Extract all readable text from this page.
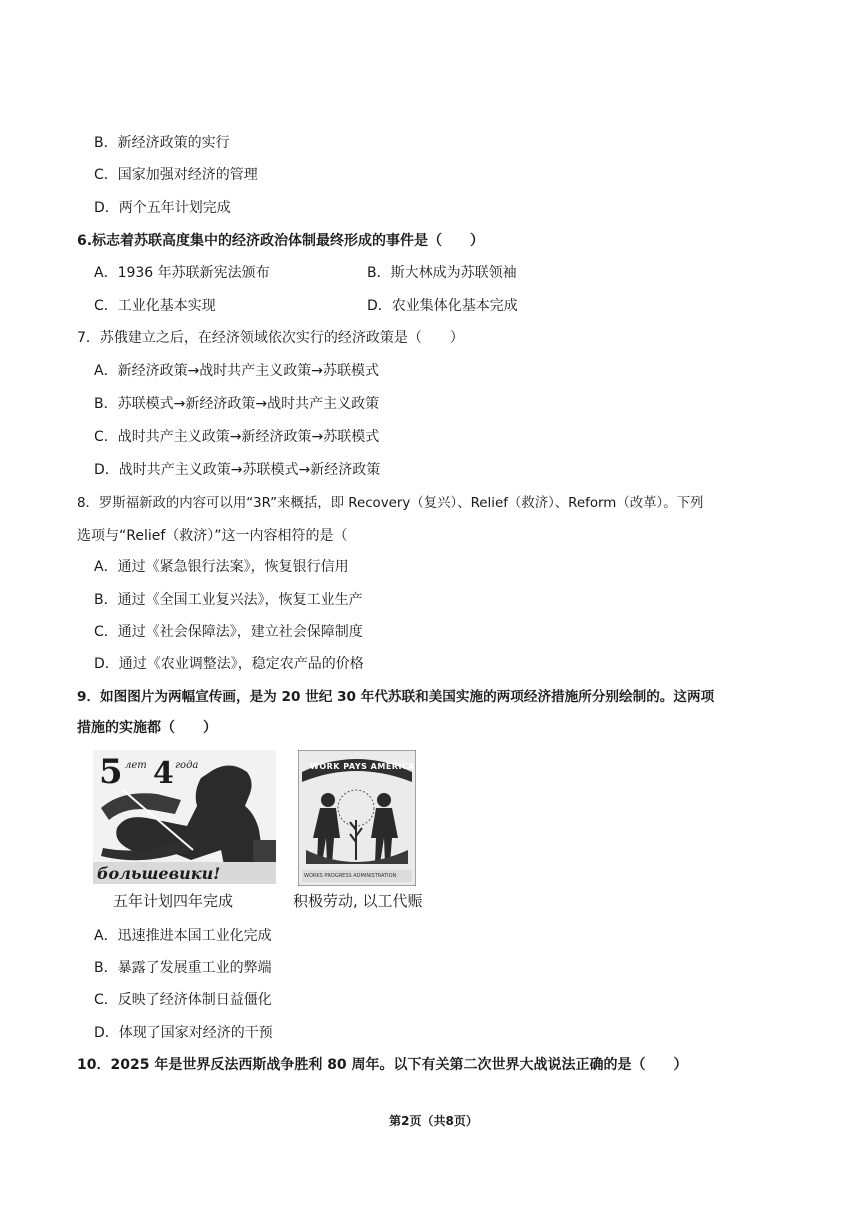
B．新经济政策的实行
C．国家加强对经济的管理
D．两个五年计划完成
6.标志着苏联高度集中的经济政治体制最终形成的事件是（　　）
A．1936 年苏联新宪法颁布	B．斯大林成为苏联领袖
C．工业化基本实现	D．农业集体化基本完成
7．苏俄建立之后，在经济领域依次实行的经济政策是（　　）
A．新经济政策→战时共产主义政策→苏联模式
B．苏联模式→新经济政策→战时共产主义政策
C．战时共产主义政策→新经济政策→苏联模式
D．战时共产主义政策→苏联模式→新经济政策
8．罗斯福新政的内容可以用“3R”来概括，即 Recovery（复兴）、Relief（救济）、Reform（改革）。下列
选项与“Relief（救济）”这一内容相符的是（
A．通过《紧急银行法案》，恢复银行信用
B．通过《全国工业复兴法》，恢复工业生产
C．通过《社会保障法》，建立社会保障制度
D．通过《农业调整法》，稳定农产品的价格
9．如图图片为两幅宣传画，是为 20 世纪 30 年代苏联和美国实施的两项经济措施所分别绘制的。这两项
措施的实施都（　　）
5 лет 4 года
большевики!
五年计划四年完成
WORK PAYS AMERICA
WORKS PROGRESS ADMINISTRATION
积极劳动, 以工代赈
A．迅速推进本国工业化完成
B．暴露了发展重工业的弊端
C．反映了经济体制日益僵化
D．体现了国家对经济的干预
10．2025 年是世界反法西斯战争胜利 80 周年。以下有关第二次世界大战说法正确的是（　　）
第2页（共8页）
